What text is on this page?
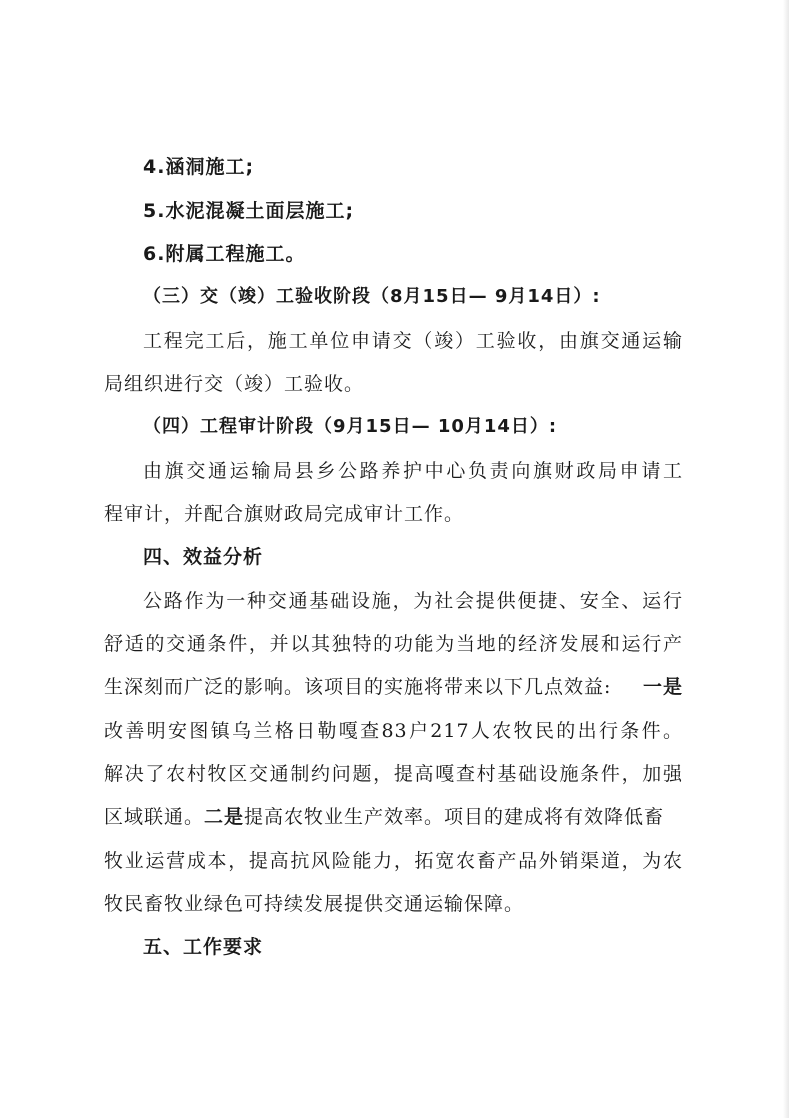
4.涵洞施工;
5.水泥混凝土面层施工;
6.附属工程施工。
（三）交（竣）工验收阶段（8月15日— 9月14日）:
工程完工后，施工单位申请交（竣）工验收，由旗交通运输
局组织进行交（竣）工验收。
（四）工程审计阶段（9月15日— 10月14日）:
由旗交通运输局县乡公路养护中心负责向旗财政局申请工
程审计，并配合旗财政局完成审计工作。
四、效益分析
公路作为一种交通基础设施，为社会提供便捷、安全、运行
舒适的交通条件，并以其独特的功能为当地的经济发展和运行产
生深刻而广泛的影响。该项目的实施将带来以下几点效益: 一是
改善明安图镇乌兰格日勒嘎查83户217人农牧民的出行条件。
解决了农村牧区交通制约问题，提高嘎查村基础设施条件，加强
区域联通。二是提高农牧业生产效率。项目的建成将有效降低畜
牧业运营成本，提高抗风险能力，拓宽农畜产品外销渠道，为农
牧民畜牧业绿色可持续发展提供交通运输保障。
五、工作要求
